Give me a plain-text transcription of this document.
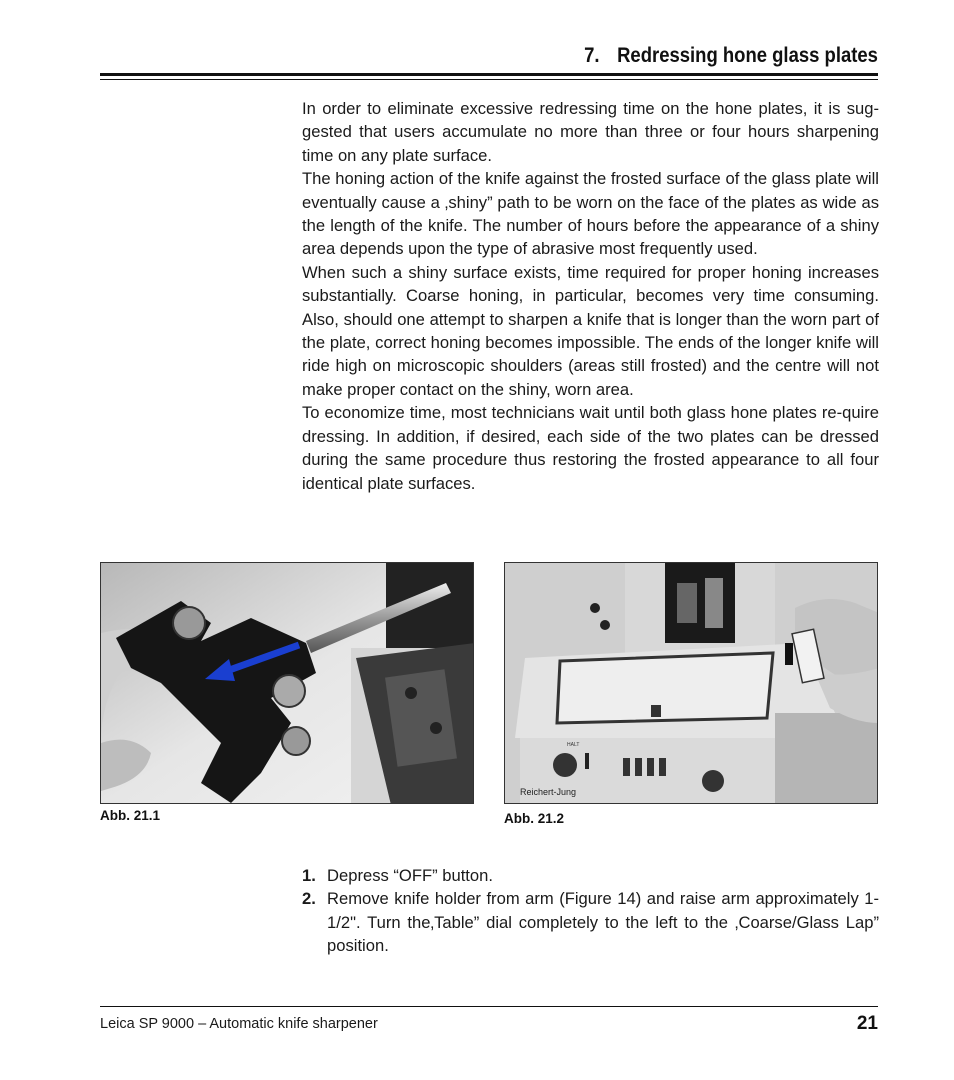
7. Redressing hone glass plates

In order to eliminate excessive redressing time on the hone plates, it is sug-gested that users accumulate no more than three or four hours sharpening time on any plate surface.

The honing action of the knife against the frosted surface of the glass plate will eventually cause a ‚shiny” path to be worn on the face of the plates as wide as the length of the knife. The number of hours before the appearance of a shiny area depends upon the type of abrasive most frequently used.

When such a shiny surface exists, time required for proper honing increases substantially. Coarse honing, in particular, becomes very time consuming. Also, should one attempt to sharpen a knife that is longer than the worn part of the plate, correct honing becomes impossible. The ends of the longer knife will ride high on microscopic shoulders (areas still frosted) and the centre will not make proper contact on the shiny, worn area.

To economize time, most technicians wait until both glass hone plates re-quire dressing. In addition, if desired, each side of the two plates can be dressed during the same procedure thus restoring the frosted appearance to all four identical plate surfaces.

Abb. 21.1
Reichert-Jung
HALT
Abb. 21.2
1. Depress “OFF” button.
2. Remove knife holder from arm (Figure 14) and raise arm approximately 1-1/2". Turn the‚Table” dial completely to the left to the ‚Coarse/Glass Lap” position.
Leica SP 9000 – Automatic knife sharpener	21
